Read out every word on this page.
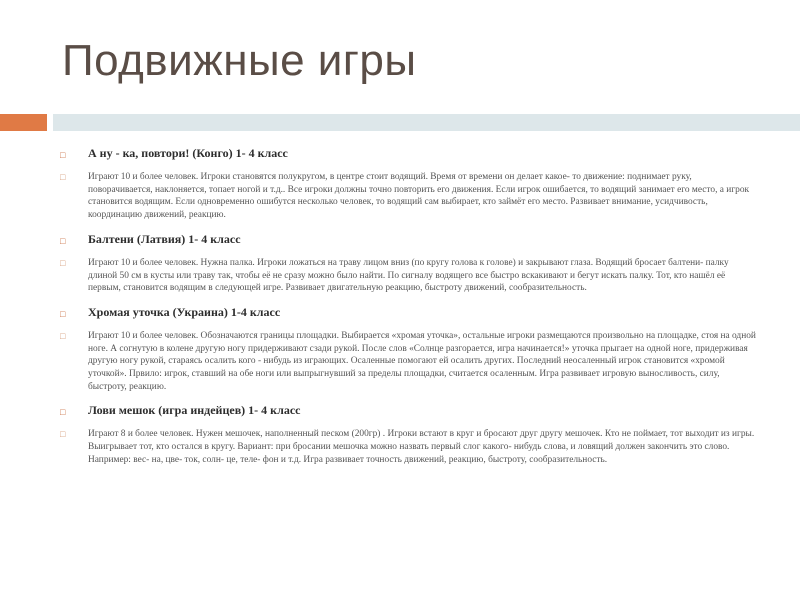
Подвижные игры
□ А ну - ка, повтори! (Конго) 1- 4 класс
□ Играют 10 и более человек. Игроки становятся полукругом, в центре стоит водящий. Время от времени он делает какое- то движение: поднимает руку, поворачивается, наклоняется, топает ногой и т.д.. Все игроки должны точно повторить его движения. Если игрок ошибается, то водящий занимает его место, а игрок становится водящим. Если одновременно ошибутся несколько человек, то водящий сам выбирает, кто займёт его место. Развивает внимание, усидчивость, координацию движений, реакцию.
□ Балтени (Латвия) 1- 4 класс
□ Играют 10 и более человек. Нужна палка. Игроки ложаться на траву лицом вниз (по кругу голова к голове) и закрывают глаза. Водящий бросает балтени- палку длиной 50 см в кусты или траву так, чтобы её не сразу можно было найти. По сигналу водящего все быстро вскакивают и бегут искать палку. Тот, кто нашёл её первым, становится водящим в следующей игре. Развивает двигательную реакцию, быстроту движений, сообразительность.
□ Хромая уточка (Украина) 1-4 класс
□ Играют 10 и более человек. Обозначаются границы площадки. Выбирается «хромая уточка», остальные игроки размещаются произвольно на площадке, стоя на одной ноге. А согнутую в колене другую ногу придерживают сзади рукой. После слов «Солнце разгорается, игра начинается!» уточка прыгает на одной ноге, придерживая другую ногу рукой, стараясь осалить кого - нибудь из играющих. Осаленные помогают ей осалить других. Последний неосаленный игрок становится «хромой уточкой». Првило: игрок, ставший на обе ноги или выпрыгнувший за пределы площадки, считается осаленным. Игра развивает игровую выносливость, силу, быстроту, реакцию.
□ Лови мешок (игра индейцев) 1- 4 класс
□ Играют 8 и более человек. Нужен мешочек, наполненный песком (200гр) . Игроки встают в круг и бросают друг другу мешочек. Кто не поймает, тот выходит из игры. Выигрывает тот, кто остался в кругу. Вариант: при бросании мешочка можно назвать первый слог какого- нибудь слова, и ловящий должен закончить это слово. Например: вес- на, цве- ток, солн- це, теле- фон и т.д. Игра развивает точность движений, реакцию, быстроту, сообразительность.
